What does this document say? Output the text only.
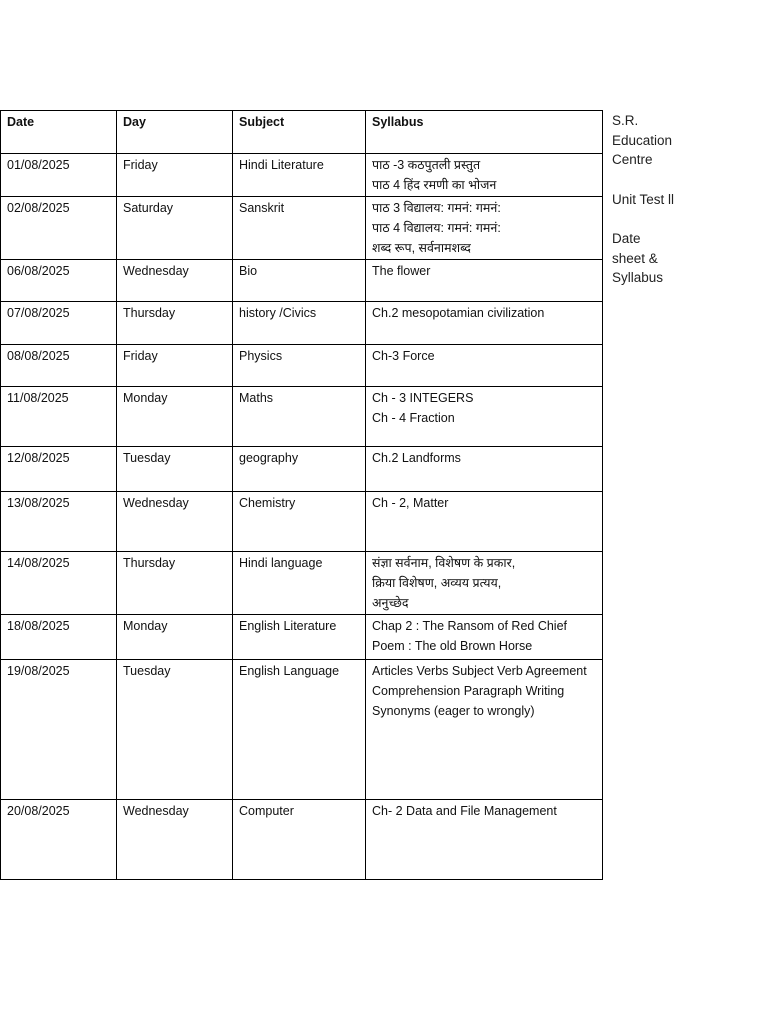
Date	Day	Subject	Syllabus
01/08/2025	Friday	Hindi Literature	पाठ -3 कठपुतली प्रस्तुत
पाठ 4 हिंद रमणी का भोजन

02/08/2025	Saturday	Sanskrit	पाठ 3 विद्यालय: गमनं: गमनं:
पाठ 4 विद्यालय: गमनं: गमनं:
शब्द रूप, सर्वनामशब्द

06/08/2025	Wednesday	Bio	The flower

07/08/2025	Thursday	history /Civics	Ch.2 mesopotamian civilization

08/08/2025	Friday	Physics	Ch-3 Force

11/08/2025	Monday	Maths	Ch - 3 INTEGERS
Ch - 4 Fraction

12/08/2025	Tuesday	geography	Ch.2 Landforms

13/08/2025	Wednesday	Chemistry	Ch - 2, Matter

14/08/2025	Thursday	Hindi language	संज्ञा सर्वनाम, विशेषण के प्रकार,
क्रिया विशेषण, अव्यय प्रत्यय,
अनुच्छेद

18/08/2025	Monday	English Literature	Chap 2 : The Ransom of Red Chief
Poem : The old Brown Horse

19/08/2025	Tuesday	English Language	Articles Verbs Subject Verb Agreement
Comprehension Paragraph Writing
Synonyms (eager to wrongly)

20/08/2025	Wednesday	Computer	Ch- 2 Data and File Management
S.R.
Education
Centre
Unit Test ll
Date
sheet &
Syllabus
